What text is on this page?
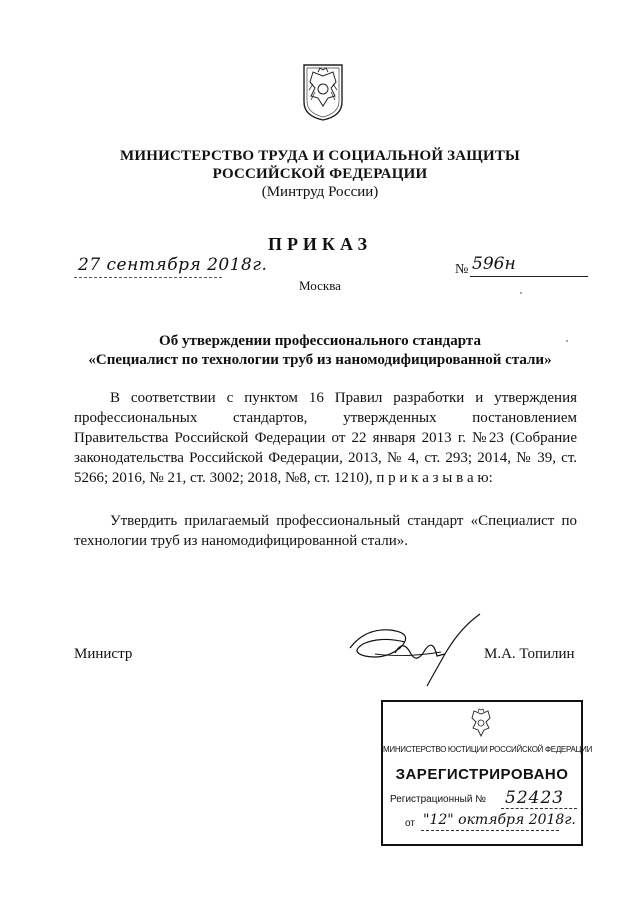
МИНИСТЕРСТВО ТРУДА И СОЦИАЛЬНОЙ ЗАЩИТЫ
РОССИЙСКОЙ ФЕДЕРАЦИИ
(Минтруд России)
ПРИКАЗ
27 сентября 2018г.	№ 596н
Москва
Об утверждении профессионального стандарта
«Специалист по технологии труб из наномодифицированной стали»
В соответствии с пунктом 16 Правил разработки и утверждения профессиональных стандартов, утвержденных постановлением Правительства Российской Федерации от 22 января 2013 г. №23 (Собрание законодательства Российской Федерации, 2013, № 4, ст. 293; 2014, № 39, ст. 5266; 2016, № 21, ст. 3002; 2018, №8, ст. 1210), п р и к а з ы в а ю:
Утвердить прилагаемый профессиональный стандарт «Специалист по технологии труб из наномодифицированной стали».
Министр	М.А. Топилин
МИНИСТЕРСТВО ЮСТИЦИИ РОССИЙСКОЙ ФЕДЕРАЦИИ
ЗАРЕГИСТРИРОВАНО
Регистрационный № 52423
от "12" октября 2018г.
